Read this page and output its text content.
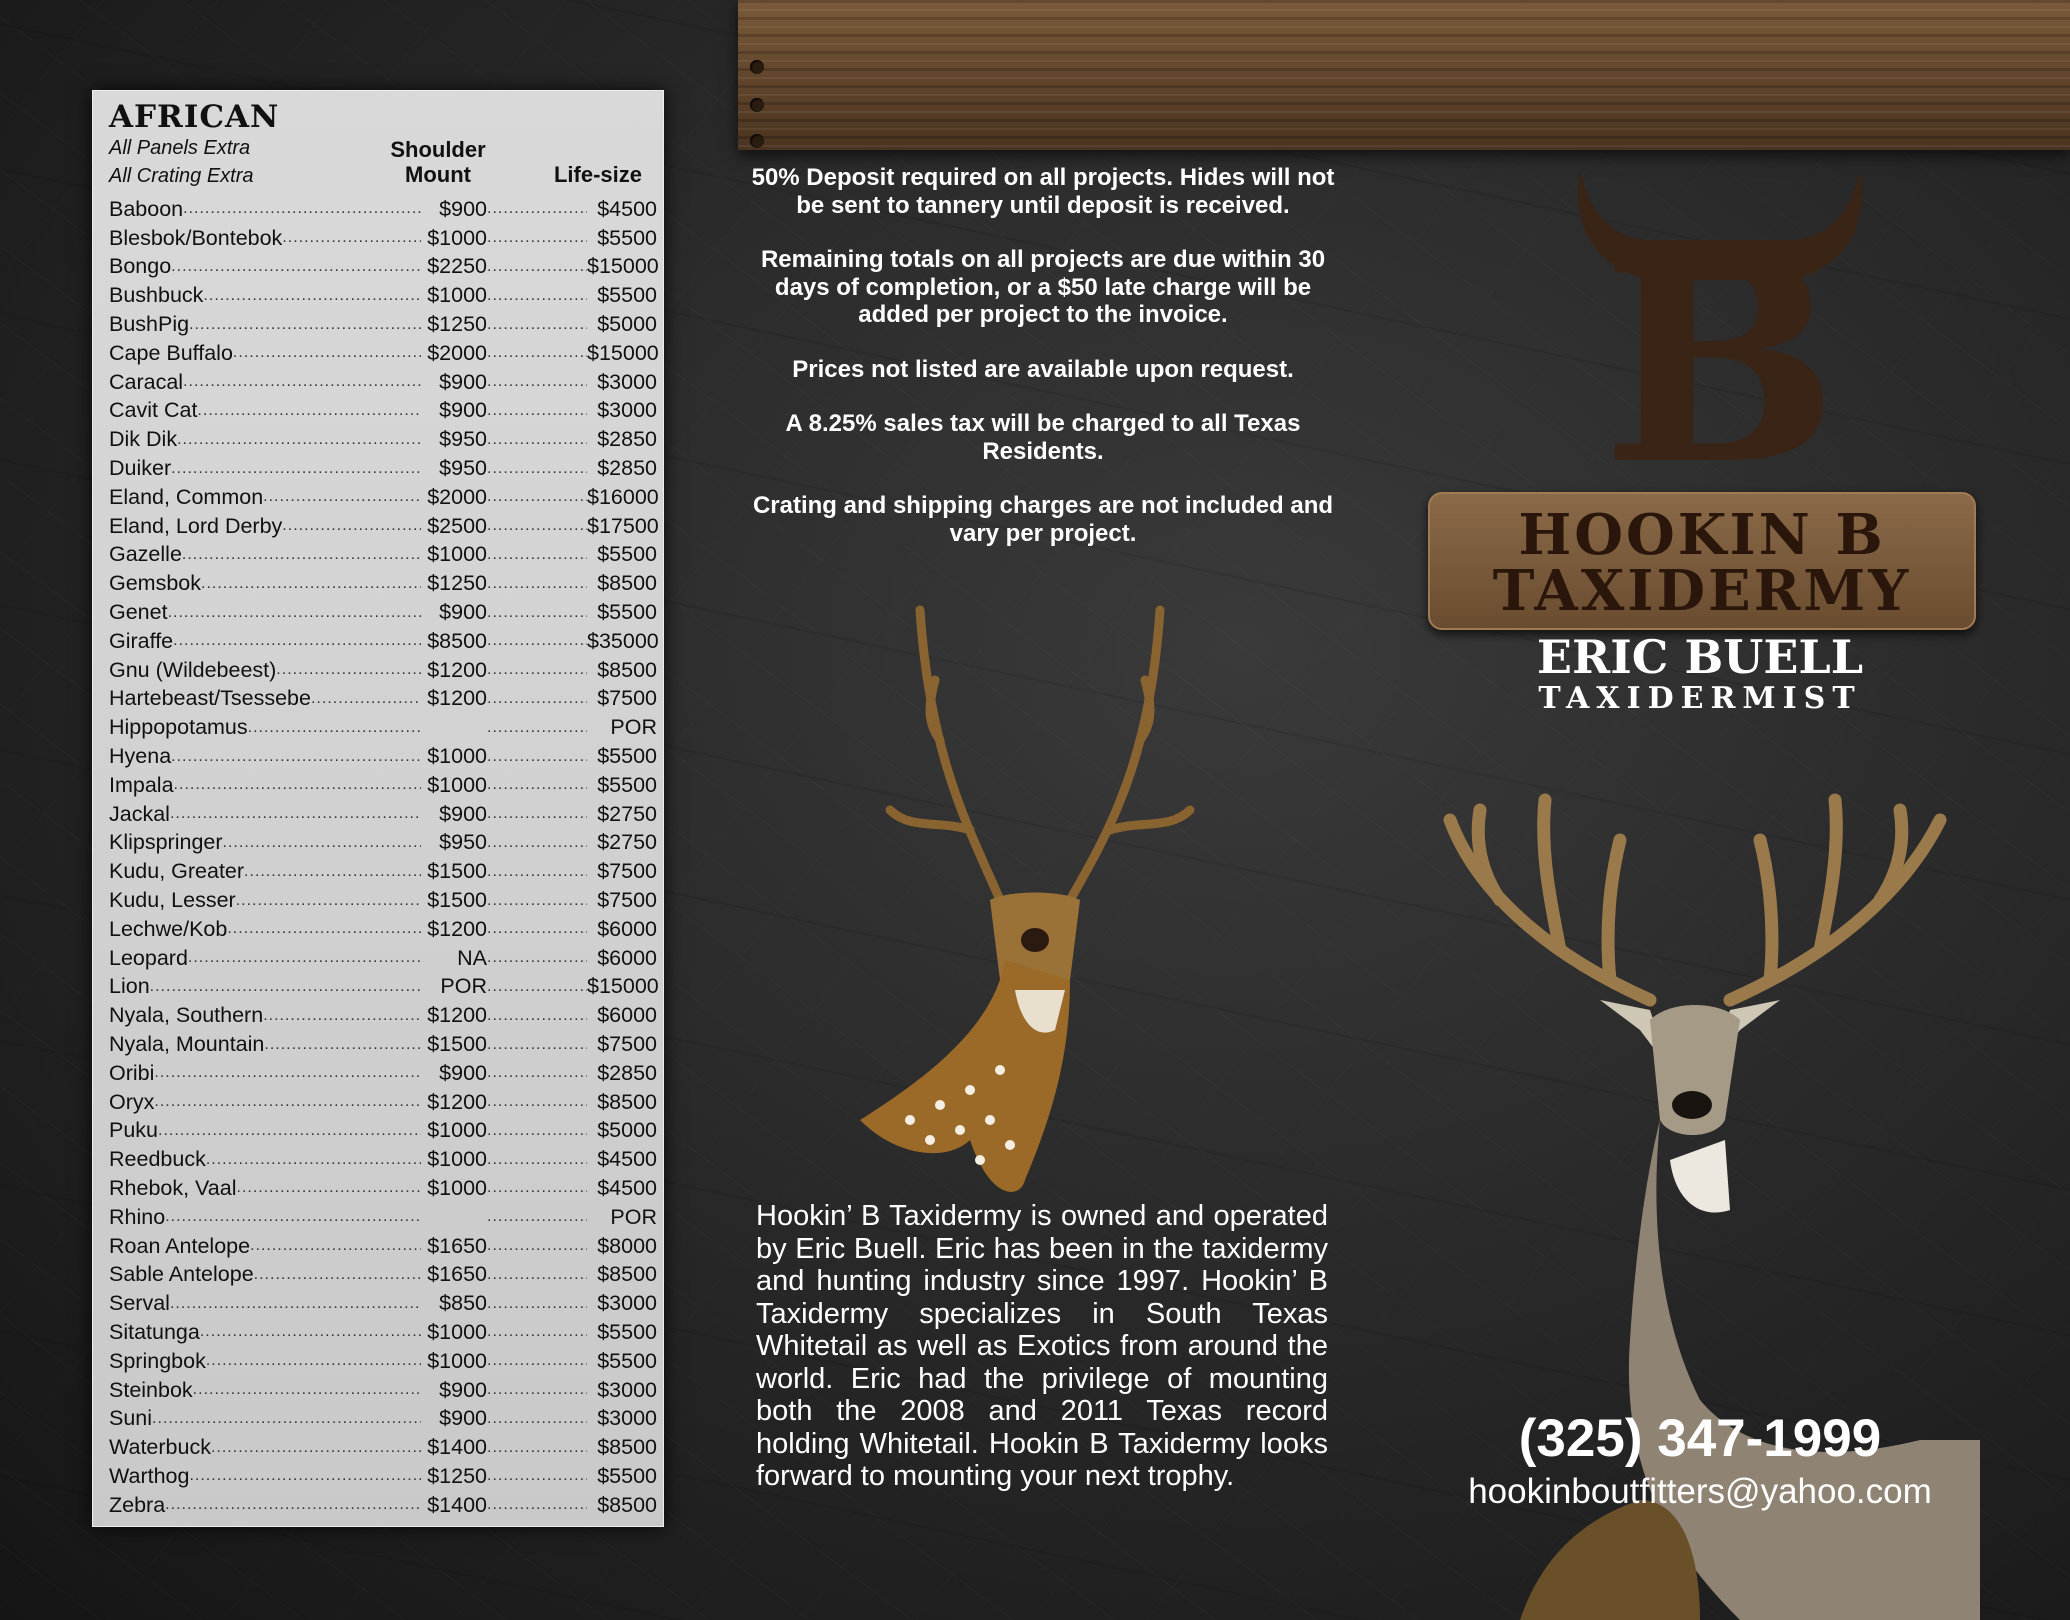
AFRICAN
All Panels Extra
All Crating Extra
Shoulder
Mount	Life-size
Baboon .....	$900 .....	$4500
Blesbok/Bontebok .....	$1000 .....	$5500
Bongo .....	$2250 .....	$15000
Bushbuck .....	$1000 .....	$5500
BushPig .....	$1250 .....	$5000
Cape Buffalo .....	$2000 .....	$15000
Caracal .....	$900 .....	$3000
Cavit Cat .....	$900 .....	$3000
Dik Dik .....	$950 .....	$2850
Duiker .....	$950 .....	$2850
Eland, Common .....	$2000 .....	$16000
Eland, Lord Derby .....	$2500 .....	$17500
Gazelle .....	$1000 .....	$5500
Gemsbok .....	$1250 .....	$8500
Genet .....	$900 .....	$5500
Giraffe .....	$8500 .....	$35000
Gnu (Wildebeest) .....	$1200 .....	$8500
Hartebeast/Tsessebe .....	$1200 .....	$7500
Hippopotamus ..... .....	POR
Hyena .....	$1000 .....	$5500
Impala .....	$1000 .....	$5500
Jackal .....	$900 .....	$2750
Klipspringer .....	$950 .....	$2750
Kudu, Greater .....	$1500 .....	$7500
Kudu, Lesser .....	$1500 .....	$7500
Lechwe/Kob .....	$1200 .....	$6000
Leopard .....	NA .....	$6000
Lion .....	POR .....	$15000
Nyala, Southern .....	$1200 .....	$6000
Nyala, Mountain .....	$1500 .....	$7500
Oribi .....	$900 .....	$2850
Oryx .....	$1200 .....	$8500
Puku .....	$1000 .....	$5000
Reedbuck .....	$1000 .....	$4500
Rhebok, Vaal .....	$1000 .....	$4500
Rhino ..... .....	POR
Roan Antelope .....	$1650 .....	$8000
Sable Antelope .....	$1650 .....	$8500
Serval .....	$850 .....	$3000
Sitatunga .....	$1000 .....	$5500
Springbok .....	$1000 .....	$5500
Steinbok .....	$900 .....	$3000
Suni .....	$900 .....	$3000
Waterbuck .....	$1400 .....	$8500
Warthog .....	$1250 .....	$5500
Zebra .....	$1400 .....	$8500

50% Deposit required on all projects. Hides will not be sent to tannery until deposit is received.

Remaining totals on all projects are due within 30 days of completion, or a $50 late charge will be added per project to the invoice.

Prices not listed are available upon request.

A 8.25% sales tax will be charged to all Texas Residents.

Crating and shipping charges are not included and vary per project.

B
HOOKIN B
TAXIDERMY
ERIC BUELL
TAXIDERMIST
Hookin’ B Taxidermy is owned and operated by Eric Buell. Eric has been in the taxidermy and hunting industry since 1997. Hookin’ B Taxidermy specializes in South Texas Whitetail as well as Exotics from around the world. Eric had the privilege of mounting both the 2008 and 2011 Texas record holding Whitetail. Hookin B Taxidermy looks forward to mounting your next trophy.
(325) 347-1999
hookinboutfitters@yahoo.com
